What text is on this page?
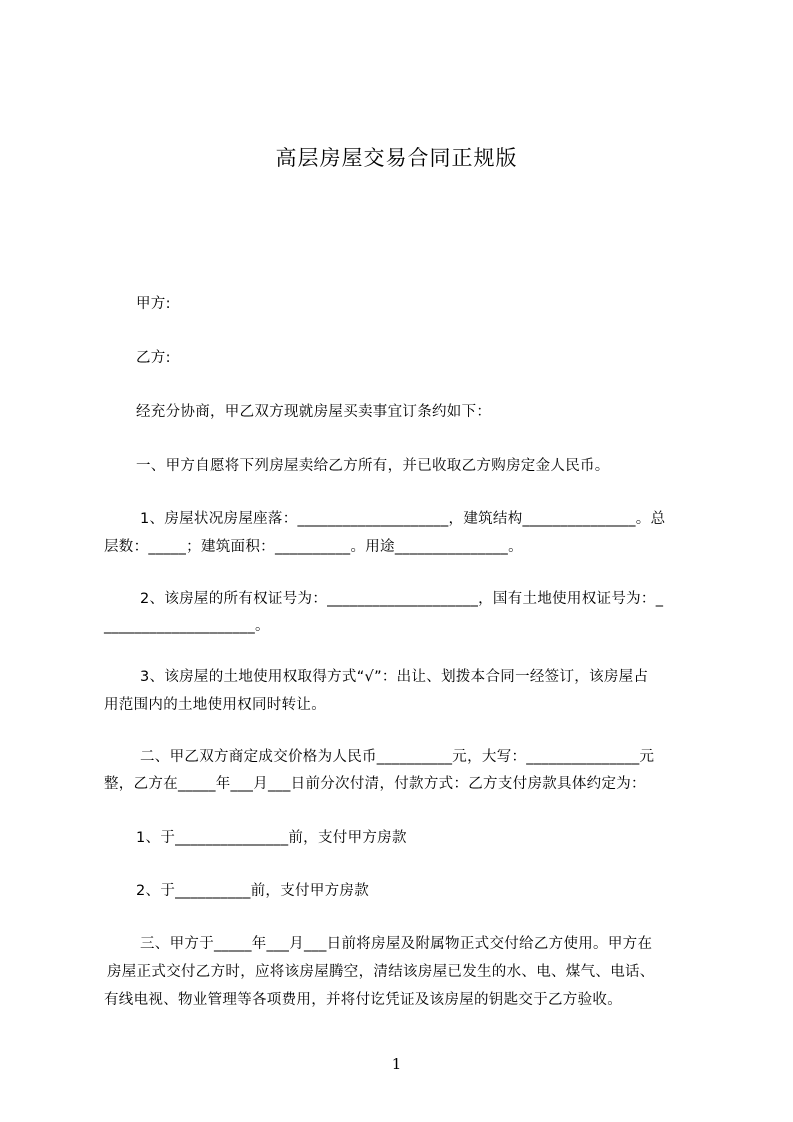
高层房屋交易合同正规版
甲方:
乙方:
经充分协商，甲乙双方现就房屋买卖事宜订条约如下：
一、甲方自愿将下列房屋卖给乙方所有，并已收取乙方购房定金人民币。
1、房屋状况房屋座落：____________________，建筑结构_______________。总
层数：_____；建筑面积：__________。用途_______________。
2、该房屋的所有权证号为：____________________，国有土地使用权证号为：_
____________________。
3、该房屋的土地使用权取得方式“√”：出让、划拨本合同一经签订，该房屋占
用范围内的土地使用权同时转让。
二、甲乙双方商定成交价格为人民币__________元，大写：_______________元
整，乙方在_____年___月___日前分次付清，付款方式：乙方支付房款具体约定为：
1、于_______________前，支付甲方房款
2、于__________前，支付甲方房款
三、甲方于_____年___月___日前将房屋及附属物正式交付给乙方使用。甲方在
房屋正式交付乙方时，应将该房屋腾空，清结该房屋已发生的水、电、煤气、电话、
有线电视、物业管理等各项费用，并将付讫凭证及该房屋的钥匙交于乙方验收。
1
